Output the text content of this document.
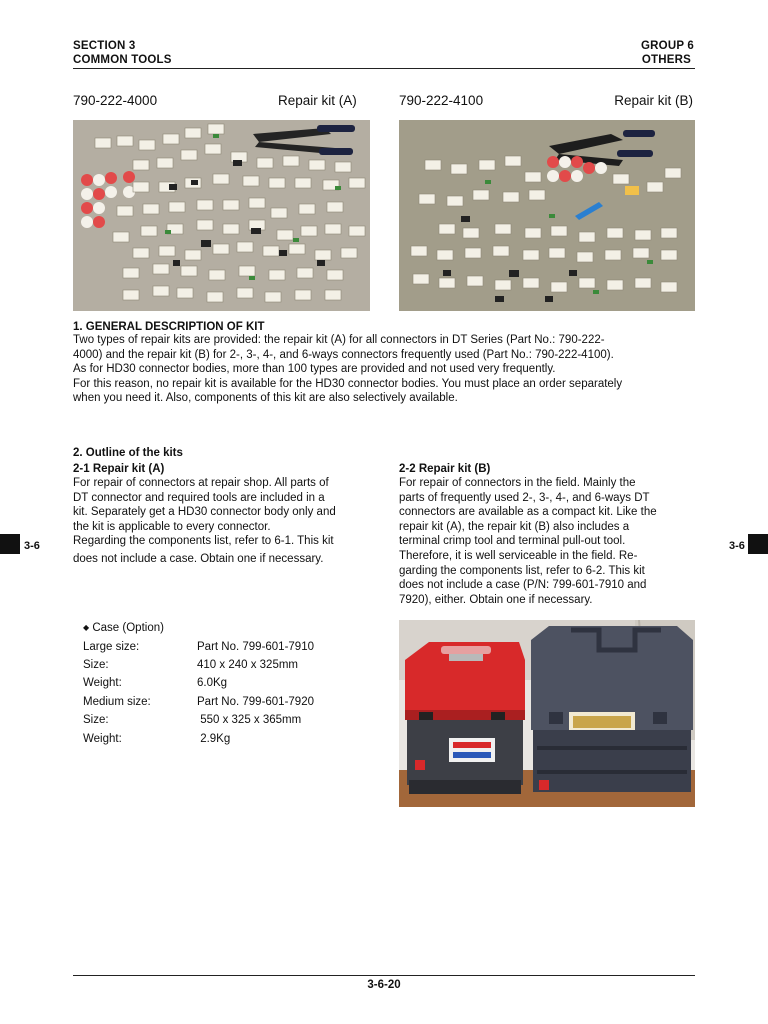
SECTION 3
COMMON TOOLS
GROUP 6
OTHERS
790-222-4000	Repair kit (A)	790-222-4100	Repair kit (B)
1. GENERAL DESCRIPTION OF KIT
Two types of repair kits are provided: the repair kit (A) for all connectors in DT Series (Part No.: 790-222-
4000) and the repair kit (B) for 2-, 3-, 4-, and 6-ways connectors frequently used (Part No.: 790-222-4100).
As for HD30 connector bodies, more than 100 types are provided and not used very frequently.
For this reason, no repair kit is available for the HD30 connector bodies. You must place an order separately
when you need it. Also, components of this kit are also selectively available.
2. Outline of the kits
2-1 Repair kit (A)
For repair of connectors at repair shop. All parts of
DT connector and required tools are included in a
kit. Separately get a HD30 connector body only and
the kit is applicable to every connector.
Regarding the components list, refer to 6-1. This kit
does not include a case. Obtain one if necessary.
2-2 Repair kit (B)
For repair of connectors in the field. Mainly the
parts of frequently used 2-, 3-, 4-, and 6-ways DT
connectors are available as a compact kit. Like the
repair kit (A), the repair kit (B) also includes a
terminal crimp tool and terminal pull-out tool.
Therefore, it is well serviceable in the field. Re-
garding the components list, refer to 6-2. This kit
does not include a case (P/N: 799-601-7910 and
7920), either. Obtain one if necessary.
3-6	3-6
◆ Case (Option)	
Large size:	Part No. 799-601-7910
Size:	410 x 240 x 325mm
Weight:	6.0Kg
Medium size:	Part No. 799-601-7920
Size:	550 x 325 x 365mm
Weight:	2.9Kg
3-6-20
